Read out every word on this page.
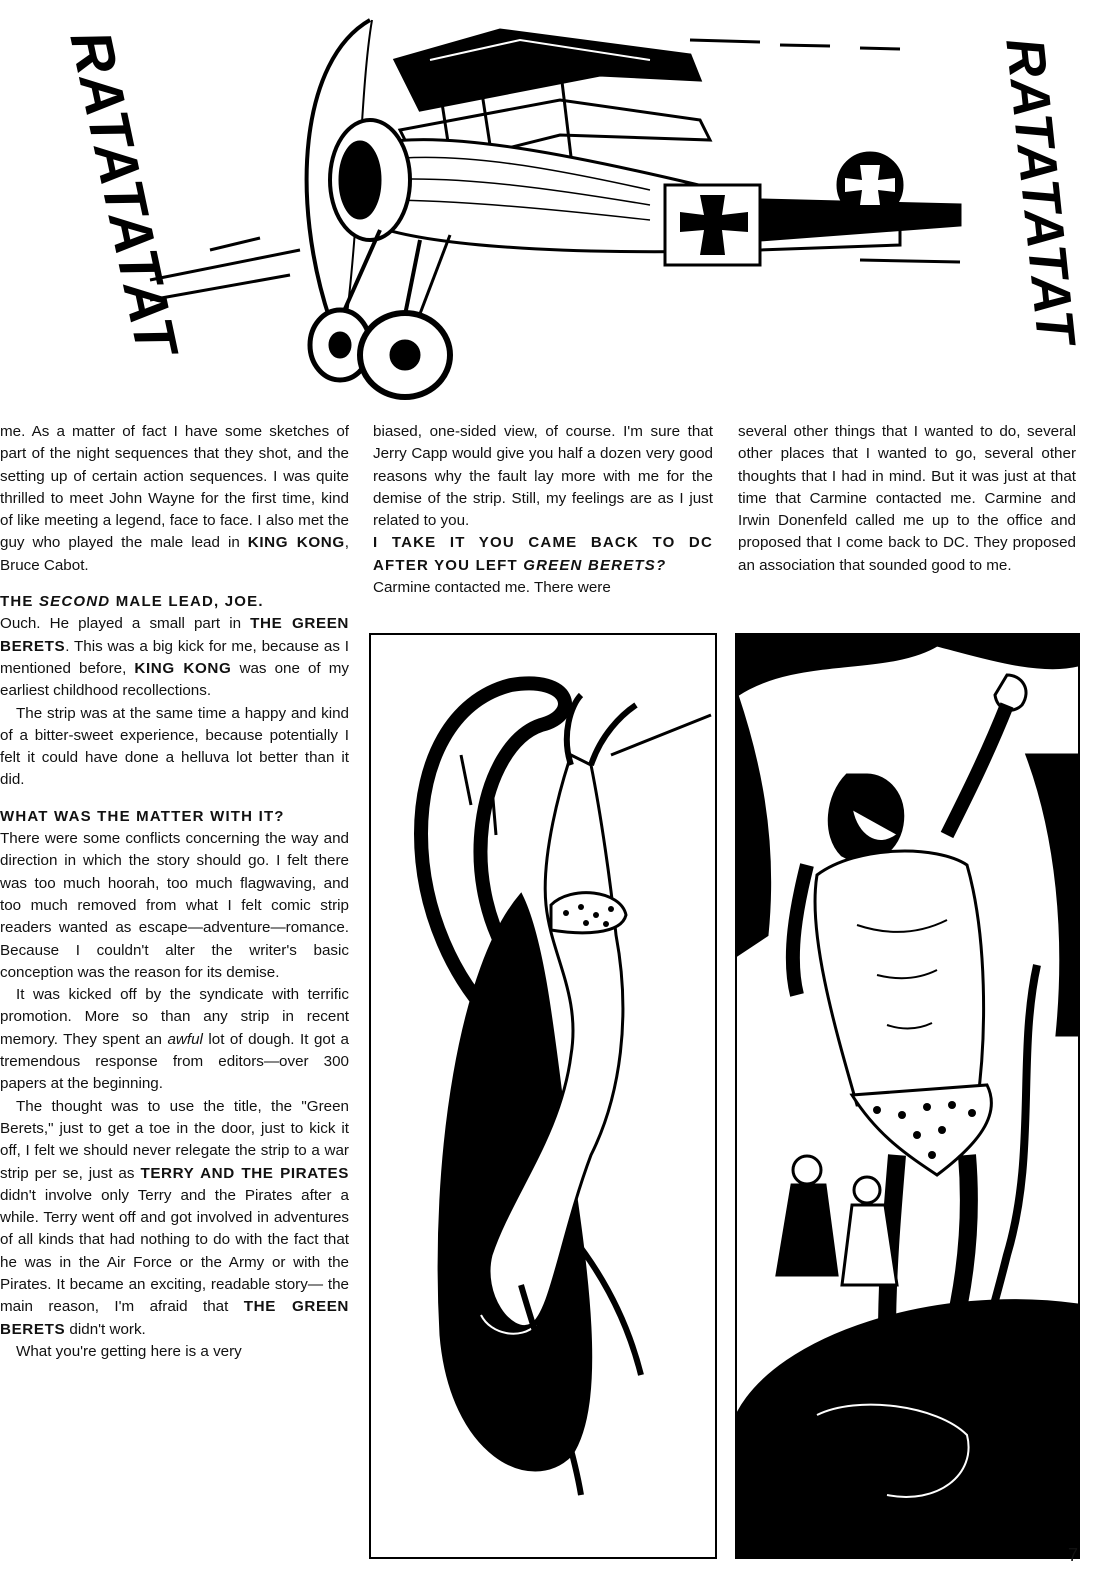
RATATATAT	RATATATAT

me. As a matter of fact I have some sketches of part of the night sequences that they shot, and the setting up of certain action sequences. I was quite thrilled to meet John Wayne for the first time, kind of like meeting a legend, face to face. I also met the guy who played the male lead in KING KONG, Bruce Cabot.

THE SECOND MALE LEAD, JOE.

Ouch. He played a small part in THE GREEN BERETS. This was a big kick for me, because as I mentioned before, KING KONG was one of my earliest childhood recollections.

The strip was at the same time a happy and kind of a bitter-sweet experience, because potentially I felt it could have done a helluva lot better than it did.

WHAT WAS THE MATTER WITH IT?

There were some conflicts concerning the way and direction in which the story should go. I felt there was too much hoorah, too much flagwaving, and too much removed from what I felt comic strip readers wanted as escape—adventure—romance. Because I couldn't alter the writer's basic conception was the reason for its demise.

It was kicked off by the syndicate with terrific promotion. More so than any strip in recent memory. They spent an awful lot of dough. It got a tremendous response from editors—over 300 papers at the beginning.

The thought was to use the title, the "Green Berets," just to get a toe in the door, just to kick it off, I felt we should never relegate the strip to a war strip per se, just as TERRY AND THE PIRATES didn't involve only Terry and the Pirates after a while. Terry went off and got involved in adventures of all kinds that had nothing to do with the fact that he was in the Air Force or the Army or with the Pirates. It became an exciting, readable story— the main reason, I'm afraid that THE GREEN BERETS didn't work.

What you're getting here is a very

biased, one-sided view, of course. I'm sure that Jerry Capp would give you half a dozen very good reasons why the fault lay more with me for the demise of the strip. Still, my feelings are as I just related to you.

I TAKE IT YOU CAME BACK TO DC AFTER YOU LEFT GREEN BERETS?

Carmine contacted me. There were

several other things that I wanted to do, several other places that I wanted to go, several other thoughts that I had in mind. But it was just at that time that Carmine contacted me. Carmine and Irwin Donenfeld called me up to the office and proposed that I come back to DC. They proposed an association that sounded good to me.

7
